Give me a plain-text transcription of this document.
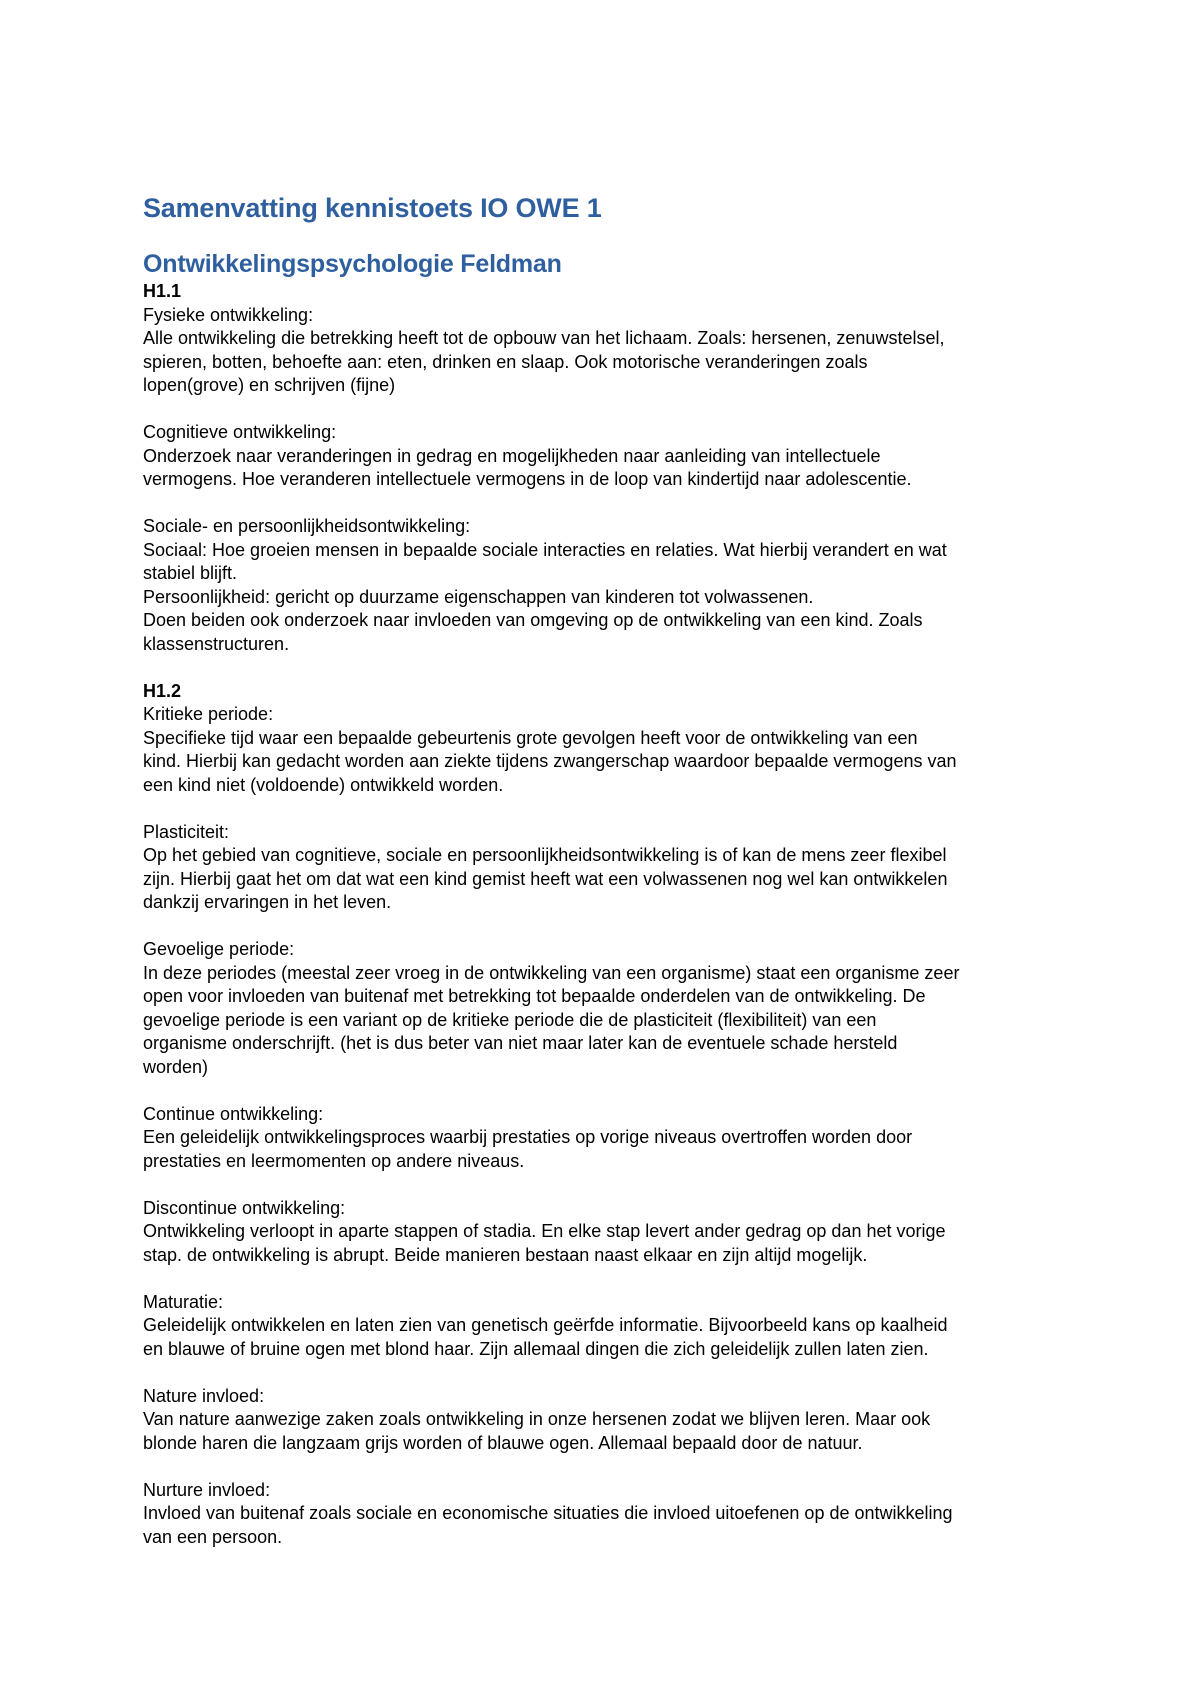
Samenvatting kennistoets IO OWE 1
Ontwikkelingspsychologie Feldman
H1.1

Fysieke ontwikkeling:

Alle ontwikkeling die betrekking heeft tot de opbouw van het lichaam. Zoals: hersenen, zenuwstelsel,

spieren, botten, behoefte aan: eten, drinken en slaap. Ook motorische veranderingen zoals

lopen(grove) en schrijven (fijne)

Cognitieve ontwikkeling:

Onderzoek naar veranderingen in gedrag en mogelijkheden naar aanleiding van intellectuele

vermogens. Hoe veranderen intellectuele vermogens in de loop van kindertijd naar adolescentie.

Sociale- en persoonlijkheidsontwikkeling:

Sociaal: Hoe groeien mensen in bepaalde sociale interacties en relaties. Wat hierbij verandert en wat

stabiel blijft.

Persoonlijkheid: gericht op duurzame eigenschappen van kinderen tot volwassenen.

Doen beiden ook onderzoek naar invloeden van omgeving op de ontwikkeling van een kind. Zoals

klassenstructuren.

H1.2

Kritieke periode:

Specifieke tijd waar een bepaalde gebeurtenis grote gevolgen heeft voor de ontwikkeling van een

kind. Hierbij kan gedacht worden aan ziekte tijdens zwangerschap waardoor bepaalde vermogens van

een kind niet (voldoende) ontwikkeld worden.

Plasticiteit:

Op het gebied van cognitieve, sociale en persoonlijkheidsontwikkeling is of kan de mens zeer flexibel

zijn. Hierbij gaat het om dat wat een kind gemist heeft wat een volwassenen nog wel kan ontwikkelen

dankzij ervaringen in het leven.

Gevoelige periode:

In deze periodes (meestal zeer vroeg in de ontwikkeling van een organisme) staat een organisme zeer

open voor invloeden van buitenaf met betrekking tot bepaalde onderdelen van de ontwikkeling. De

gevoelige periode is een variant op de kritieke periode die de plasticiteit (flexibiliteit) van een

organisme onderschrijft. (het is dus beter van niet maar later kan de eventuele schade hersteld

worden)

Continue ontwikkeling:

Een geleidelijk ontwikkelingsproces waarbij prestaties op vorige niveaus overtroffen worden door

prestaties en leermomenten op andere niveaus.

Discontinue ontwikkeling:

Ontwikkeling verloopt in aparte stappen of stadia. En elke stap levert ander gedrag op dan het vorige

stap. de ontwikkeling is abrupt. Beide manieren bestaan naast elkaar en zijn altijd mogelijk.

Maturatie:

Geleidelijk ontwikkelen en laten zien van genetisch geërfde informatie. Bijvoorbeeld kans op kaalheid

en blauwe of bruine ogen met blond haar. Zijn allemaal dingen die zich geleidelijk zullen laten zien.

Nature invloed:

Van nature aanwezige zaken zoals ontwikkeling in onze hersenen zodat we blijven leren. Maar ook

blonde haren die langzaam grijs worden of blauwe ogen. Allemaal bepaald door de natuur.

Nurture invloed:

Invloed van buitenaf zoals sociale en economische situaties die invloed uitoefenen op de ontwikkeling

van een persoon.
